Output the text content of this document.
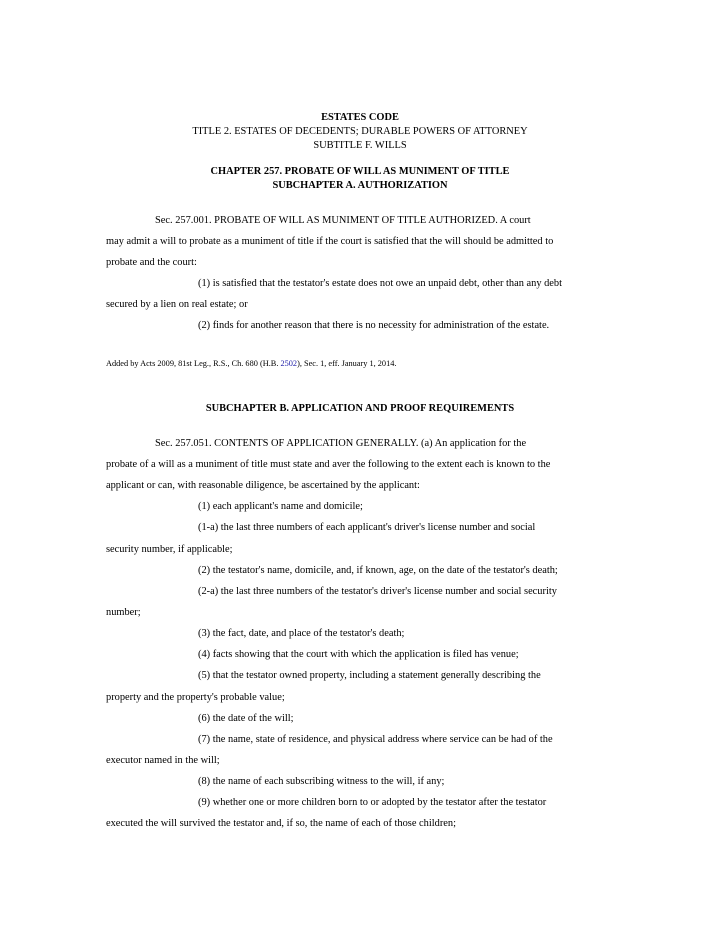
ESTATES CODE
TITLE 2. ESTATES OF DECEDENTS; DURABLE POWERS OF ATTORNEY
SUBTITLE F. WILLS
CHAPTER 257. PROBATE OF WILL AS MUNIMENT OF TITLE
SUBCHAPTER A. AUTHORIZATION
Sec. 257.001. PROBATE OF WILL AS MUNIMENT OF TITLE AUTHORIZED. A court
may admit a will to probate as a muniment of title if the court is satisfied that the will should be admitted to
probate and the court:
(1) is satisfied that the testator's estate does not owe an unpaid debt, other than any debt
secured by a lien on real estate; or
(2) finds for another reason that there is no necessity for administration of the estate.
Added by Acts 2009, 81st Leg., R.S., Ch. 680 (H.B. 2502), Sec. 1, eff. January 1, 2014.
SUBCHAPTER B. APPLICATION AND PROOF REQUIREMENTS
Sec. 257.051. CONTENTS OF APPLICATION GENERALLY. (a) An application for the
probate of a will as a muniment of title must state and aver the following to the extent each is known to the
applicant or can, with reasonable diligence, be ascertained by the applicant:
(1) each applicant's name and domicile;
(1-a) the last three numbers of each applicant's driver's license number and social
security number, if applicable;
(2) the testator's name, domicile, and, if known, age, on the date of the testator's death;
(2-a) the last three numbers of the testator's driver's license number and social security
number;
(3) the fact, date, and place of the testator's death;
(4) facts showing that the court with which the application is filed has venue;
(5) that the testator owned property, including a statement generally describing the
property and the property's probable value;
(6) the date of the will;
(7) the name, state of residence, and physical address where service can be had of the
executor named in the will;
(8) the name of each subscribing witness to the will, if any;
(9) whether one or more children born to or adopted by the testator after the testator
executed the will survived the testator and, if so, the name of each of those children;
